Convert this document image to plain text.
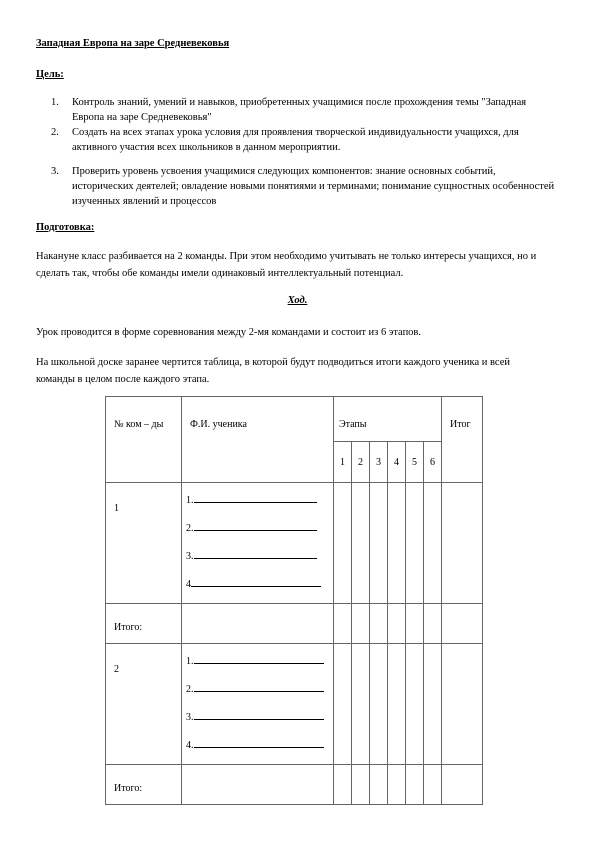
Западная Европа на заре Средневековья
Цель:
1.	Контроль знаний, умений и навыков, приобретенных учащимися после прохождения темы "Западная Европа на заре Средневековья"
2.	Создать на всех этапах урока условия для проявления творческой индивидуальности учащихся, для активного участия всех школьников в данном мероприятии.
3.	Проверить уровень усвоения учащимися следующих компонентов: знание основных событий, исторических деятелей; овладение новыми понятиями и терминами; понимание сущностных особенностей изученных явлений и процессов
Подготовка:
Накануне класс разбивается на 2 команды. При этом необходимо учитывать не только интересы учащихся, но и сделать так, чтобы обе команды имели одинаковый интеллектуальный потенциал.
Ход.
Урок проводится в форме соревнования между 2-мя командами и состоит из 6 этапов.
На школьной доске заранее чертится таблица, в которой будут подводиться итоги каждого ученика и всей команды в целом после каждого этапа.
№ ком – ды	Ф.И. ученика	Этапы						Итог

		1	2	3	4	5	6	

1	1.
2.
3.
4							

Итого:								

2	1.
2.
3.
4.							

Итого:								
